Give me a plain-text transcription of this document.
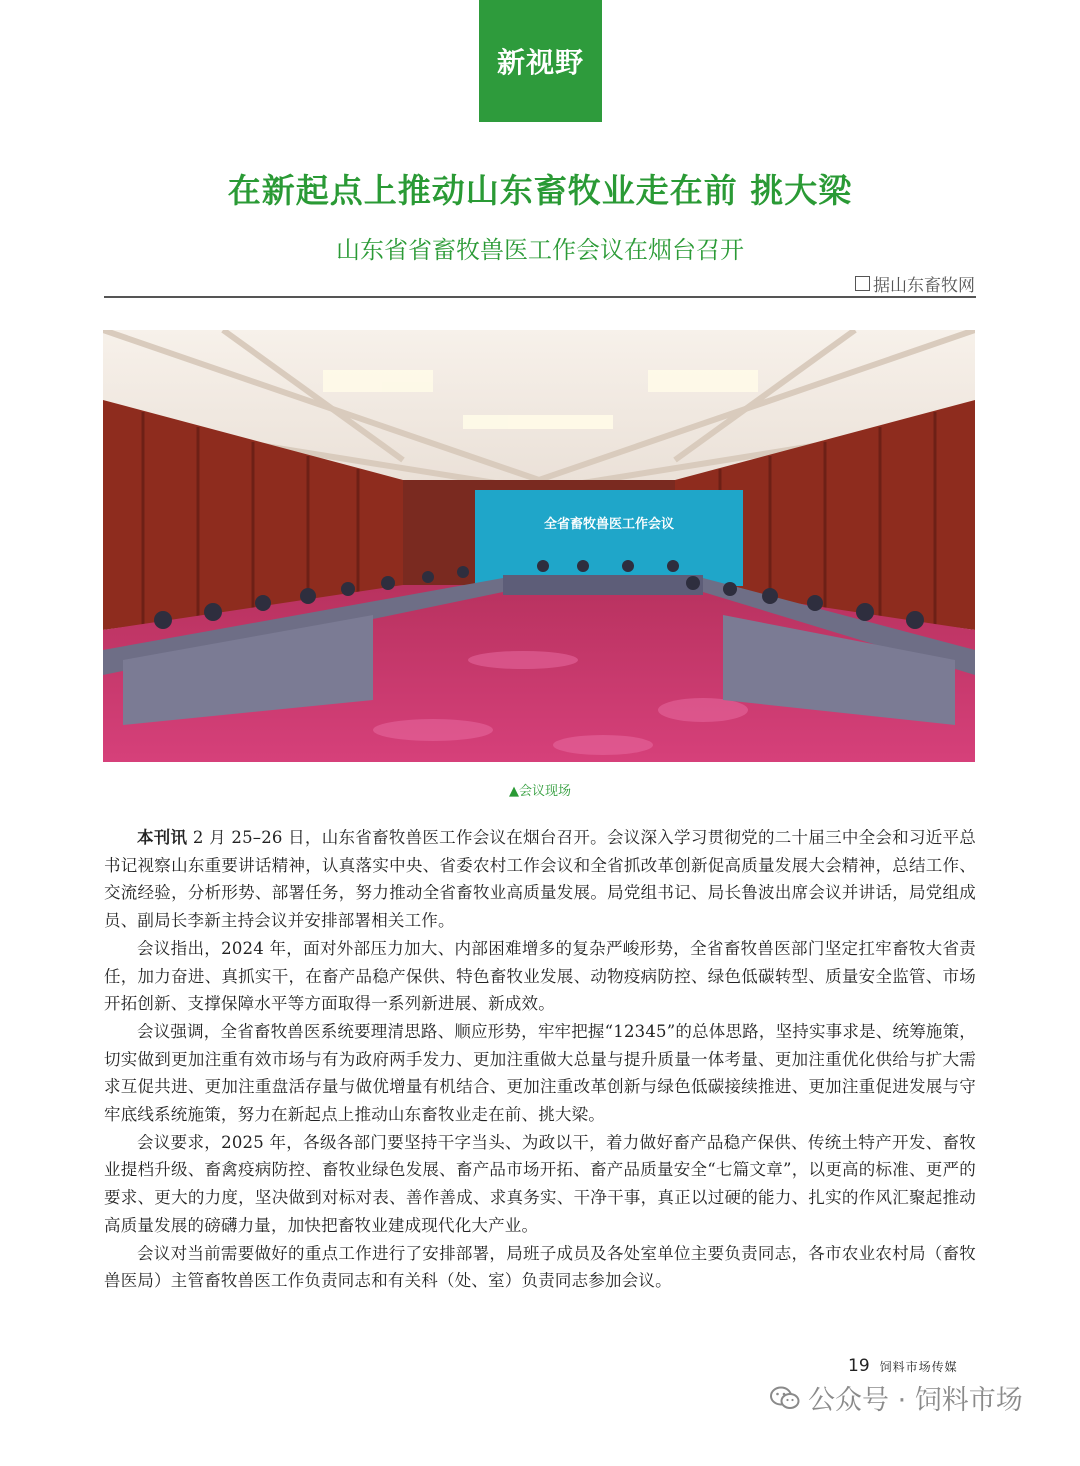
新视野
在新起点上推动山东畜牧业走在前 挑大梁
山东省省畜牧兽医工作会议在烟台召开
据山东畜牧网
全省畜牧兽医工作会议
▲会议现场

本刊讯 2 月 25–26 日，山东省畜牧兽医工作会议在烟台召开。会议深入学习贯彻党的二十届三中全会和习近平总书记视察山东重要讲话精神，认真落实中央、省委农村工作会议和全省抓改革创新促高质量发展大会精神，总结工作、交流经验，分析形势、部署任务，努力推动全省畜牧业高质量发展。局党组书记、局长鲁波出席会议并讲话，局党组成员、副局长李新主持会议并安排部署相关工作。

会议指出，2024 年，面对外部压力加大、内部困难增多的复杂严峻形势，全省畜牧兽医部门坚定扛牢畜牧大省责任，加力奋进、真抓实干，在畜产品稳产保供、特色畜牧业发展、动物疫病防控、绿色低碳转型、质量安全监管、市场开拓创新、支撑保障水平等方面取得一系列新进展、新成效。

会议强调，全省畜牧兽医系统要理清思路、顺应形势，牢牢把握“12345”的总体思路，坚持实事求是、统筹施策，切实做到更加注重有效市场与有为政府两手发力、更加注重做大总量与提升质量一体考量、更加注重优化供给与扩大需求互促共进、更加注重盘活存量与做优增量有机结合、更加注重改革创新与绿色低碳接续推进、更加注重促进发展与守牢底线系统施策，努力在新起点上推动山东畜牧业走在前、挑大梁。

会议要求，2025 年，各级各部门要坚持干字当头、为政以干，着力做好畜产品稳产保供、传统土特产开发、畜牧业提档升级、畜禽疫病防控、畜牧业绿色发展、畜产品市场开拓、畜产品质量安全“七篇文章”，以更高的标准、更严的要求、更大的力度，坚决做到对标对表、善作善成、求真务实、干净干事，真正以过硬的能力、扎实的作风汇聚起推动高质量发展的磅礴力量，加快把畜牧业建成现代化大产业。

会议对当前需要做好的重点工作进行了安排部署，局班子成员及各处室单位主要负责同志，各市农业农村局（畜牧兽医局）主管畜牧兽医工作负责同志和有关科（处、室）负责同志参加会议。

19 饲料市场传媒
公众号 · 饲料市场
